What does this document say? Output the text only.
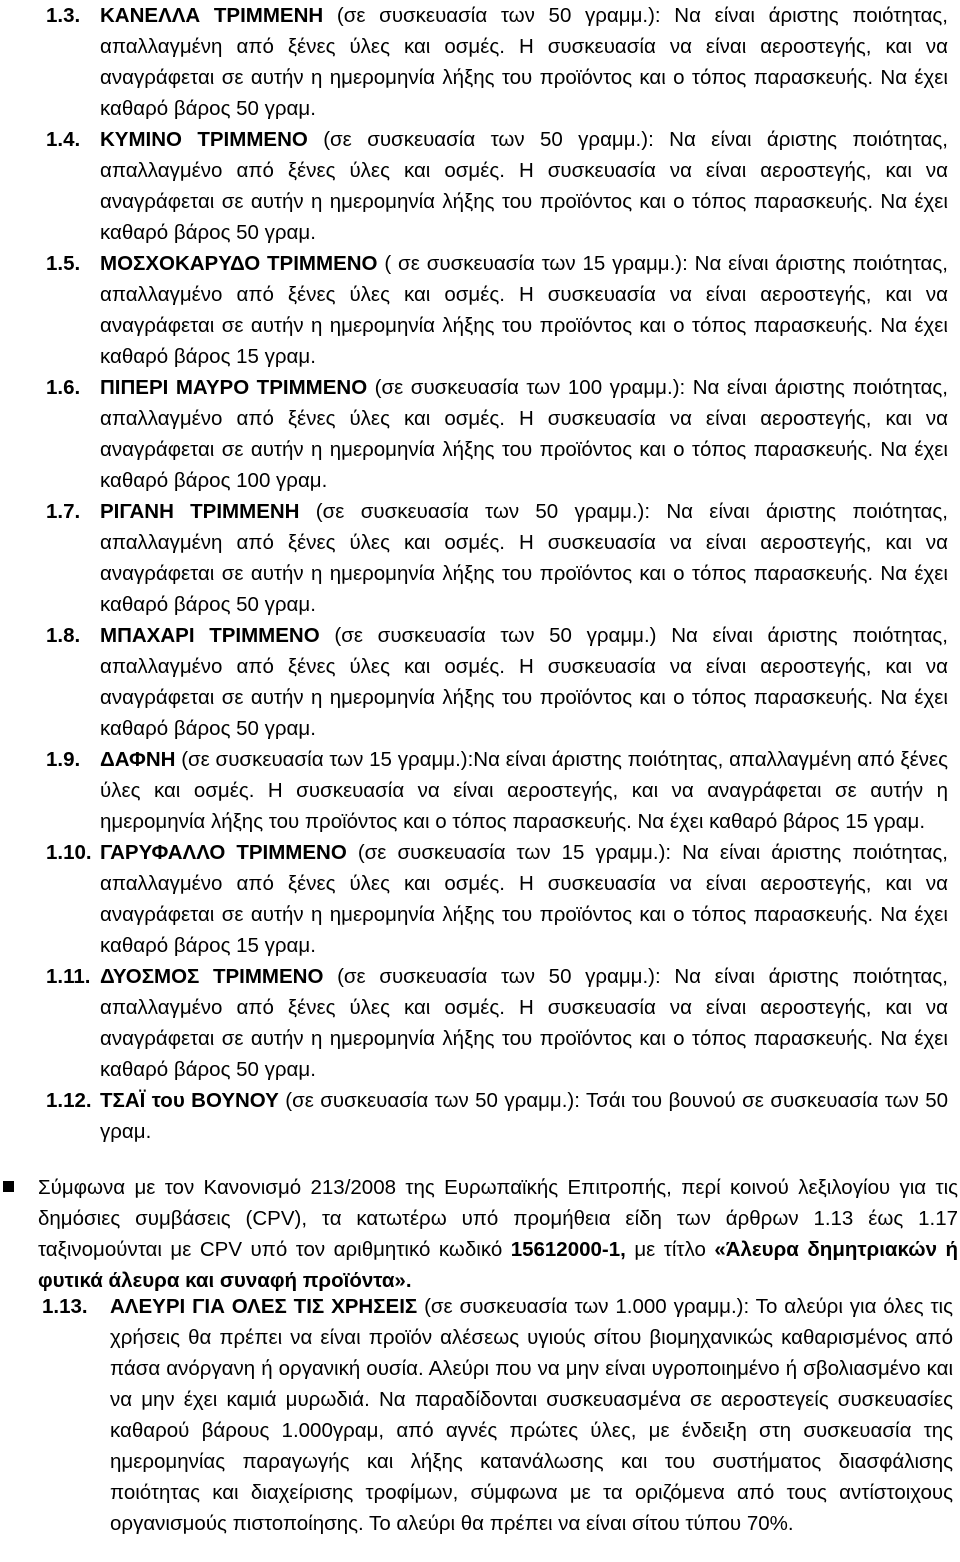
1.3. ΚΑΝΕΛΛΑ ΤΡΙΜΜΕΝΗ (σε συσκευασία των 50 γραμμ.): Να είναι άριστης ποιότητας, απαλλαγμένη από ξένες ύλες και οσμές. Η συσκευασία να είναι αεροστεγής, και να αναγράφεται σε αυτήν η ημερομηνία λήξης του προϊόντος και ο τόπος παρασκευής. Να έχει καθαρό βάρος 50 γραμ.
1.4. ΚΥΜΙΝΟ ΤΡΙΜΜΕΝΟ (σε συσκευασία των 50 γραμμ.): Να είναι άριστης ποιότητας, απαλλαγμένο από ξένες ύλες και οσμές. Η συσκευασία να είναι αεροστεγής, και να αναγράφεται σε αυτήν η ημερομηνία λήξης του προϊόντος και ο τόπος παρασκευής. Να έχει καθαρό βάρος 50 γραμ.
1.5. ΜΟΣΧΟΚΑΡΥΔΟ ΤΡΙΜΜΕΝΟ ( σε συσκευασία των 15 γραμμ.): Να είναι άριστης ποιότητας, απαλλαγμένο από ξένες ύλες και οσμές. Η συσκευασία να είναι αεροστεγής, και να αναγράφεται σε αυτήν η ημερομηνία λήξης του προϊόντος και ο τόπος παρασκευής. Να έχει καθαρό βάρος 15 γραμ.
1.6. ΠΙΠΕΡΙ ΜΑΥΡΟ ΤΡΙΜΜΕΝΟ (σε συσκευασία των 100 γραμμ.): Να είναι άριστης ποιότητας, απαλλαγμένο από ξένες ύλες και οσμές. Η συσκευασία να είναι αεροστεγής, και να αναγράφεται σε αυτήν η ημερομηνία λήξης του προϊόντος και ο τόπος παρασκευής. Να έχει καθαρό βάρος 100 γραμ.
1.7. ΡΙΓΑΝΗ ΤΡΙΜΜΕΝΗ (σε συσκευασία των 50 γραμμ.): Να είναι άριστης ποιότητας, απαλλαγμένη από ξένες ύλες και οσμές. Η συσκευασία να είναι αεροστεγής, και να αναγράφεται σε αυτήν η ημερομηνία λήξης του προϊόντος και ο τόπος παρασκευής. Να έχει καθαρό βάρος 50 γραμ.
1.8. ΜΠΑΧΑΡΙ ΤΡΙΜΜΕΝΟ (σε συσκευασία των 50 γραμμ.) Να είναι άριστης ποιότητας, απαλλαγμένο από ξένες ύλες και οσμές. Η συσκευασία να είναι αεροστεγής, και να αναγράφεται σε αυτήν η ημερομηνία λήξης του προϊόντος και ο τόπος παρασκευής. Να έχει καθαρό βάρος 50 γραμ.
1.9. ΔΑΦΝΗ (σε συσκευασία των 15 γραμμ.):Να είναι άριστης ποιότητας, απαλλαγμένη από ξένες ύλες και οσμές. Η συσκευασία να είναι αεροστεγής, και να αναγράφεται σε αυτήν η ημερομηνία λήξης του προϊόντος και ο τόπος παρασκευής. Να έχει καθαρό βάρος 15 γραμ.
1.10. ΓΑΡΥΦΑΛΛΟ ΤΡΙΜΜΕΝΟ (σε συσκευασία των 15 γραμμ.): Να είναι άριστης ποιότητας, απαλλαγμένο από ξένες ύλες και οσμές. Η συσκευασία να είναι αεροστεγής, και να αναγράφεται σε αυτήν η ημερομηνία λήξης του προϊόντος και ο τόπος παρασκευής. Να έχει καθαρό βάρος 15 γραμ.
1.11. ΔΥΟΣΜΟΣ ΤΡΙΜΜΕΝΟ (σε συσκευασία των 50 γραμμ.): Να είναι άριστης ποιότητας, απαλλαγμένο από ξένες ύλες και οσμές. Η συσκευασία να είναι αεροστεγής, και να αναγράφεται σε αυτήν η ημερομηνία λήξης του προϊόντος και ο τόπος παρασκευής. Να έχει καθαρό βάρος 50 γραμ.
1.12. ΤΣΑΪ του ΒΟΥΝΟΥ (σε συσκευασία των 50 γραμμ.): Τσάι του βουνού σε συσκευασία των 50 γραμ.
Σύμφωνα με τον Κανονισμό 213/2008 της Ευρωπαϊκής Επιτροπής, περί κοινού λεξιλογίου για τις δημόσιες συμβάσεις (CPV), τα κατωτέρω υπό προμήθεια είδη των άρθρων 1.13 έως 1.17 ταξινομούνται με CPV υπό τον αριθμητικό κωδικό 15612000-1, με τίτλο «Άλευρα δημητριακών ή φυτικά άλευρα και συναφή προϊόντα».
1.13.	ΑΛΕΥΡΙ ΓΙΑ ΟΛΕΣ ΤΙΣ ΧΡΗΣΕΙΣ (σε συσκευασία των 1.000 γραμμ.): Το αλεύρι για όλες τις χρήσεις θα πρέπει να είναι προϊόν αλέσεως υγιούς σίτου βιομηχανικώς καθαρισμένος από πάσα ανόργανη ή οργανική ουσία. Αλεύρι που να μην είναι υγροποιημένο ή σβολιασμένο και να μην έχει καμιά μυρωδιά. Να παραδίδονται συσκευασμένα σε αεροστεγείς συσκευασίες καθαρού βάρους 1.000γραμ, από αγνές πρώτες ύλες, με ένδειξη στη συσκευασία της ημερομηνίας παραγωγής και λήξης κατανάλωσης και του συστήματος διασφάλισης ποιότητας και διαχείρισης τροφίμων, σύμφωνα με τα οριζόμενα από τους αντίστοιχους οργανισμούς πιστοποίησης. Το αλεύρι θα πρέπει να είναι σίτου τύπου 70%.
